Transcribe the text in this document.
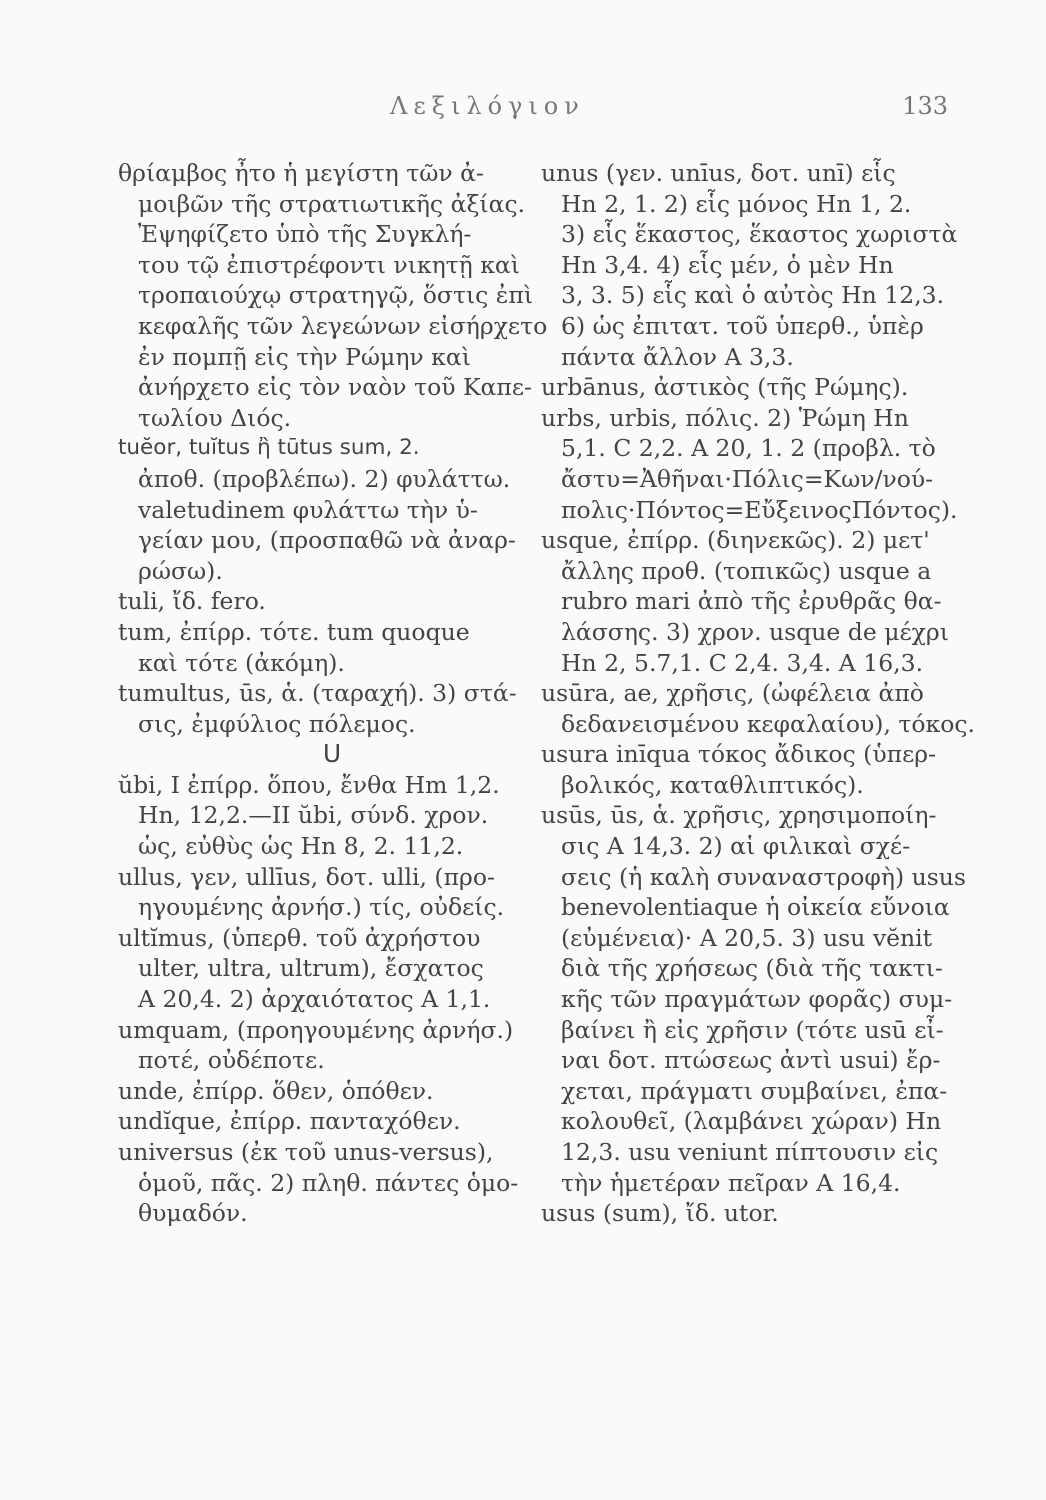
Λεξιλόγιον	133
θρίαμβος ἦτο ἡ μεγίστη τῶν ἀ-
μοιβῶν τῆς στρατιωτικῆς ἀξίας.
Ἐψηφίζετο ὑπὸ τῆς Συγκλή-
του τῷ ἐπιστρέφοντι νικητῇ καὶ
τροπαιούχῳ στρατηγῷ, ὅστις ἐπὶ
κεφαλῆς τῶν λεγεώνων εἰσήρχετο
ἐν πομπῇ εἰς τὴν Ρώμην καὶ
ἀνήρχετο εἰς τὸν ναὸν τοῦ Καπε-
τωλίου Διός.
tuĕor, tuĭtus ἢ tūtus sum, 2.
ἀποθ. (προβλέπω). 2) φυλάττω.
valetudinem φυλάττω τὴν ὑ-
γείαν μου, (προσπαθῶ νὰ ἀναρ-
ρώσω).
tuli, ἴδ. fero.
tum, ἐπίρρ. τότε. tum quoque
καὶ τότε (ἀκόμη).
tumultus, ūs, ἁ. (ταραχή). 3) στά-
σις, ἐμφύλιος πόλεμος.
U
ŭbi, I ἐπίρρ. ὅπου, ἔνθα Hm 1,2.
Hn, 12,2.—II ŭbi, σύνδ. χρον.
ὡς, εὐθὺς ὡς Hn 8, 2. 11,2.
ullus, γεν, ullīus, δοτ. ulli, (προ-
ηγουμένης ἀρνήσ.) τίς, οὐδείς.
ultĭmus, (ὑπερθ. τοῦ ἀχρήστου
ulter, ultra, ultrum), ἔσχατος
A 20,4. 2) ἀρχαιότατος A 1,1.
umquam, (προηγουμένης ἀρνήσ.)
ποτέ, οὐδέποτε.
unde, ἐπίρρ. ὅθεν, ὁπόθεν.
undĭque, ἐπίρρ. πανταχόθεν.
universus (ἐκ τοῦ unus-versus),
ὁμοῦ, πᾶς. 2) πληθ. πάντες ὁμο-
θυμαδόν.
unus (γεν. unīus, δοτ. unī) εἷς
Hn 2, 1. 2) εἷς μόνος Hn 1, 2.
3) εἷς ἕκαστος, ἕκαστος χωριστὰ
Hn 3,4. 4) εἷς μέν, ὁ μὲν Hn
3, 3. 5) εἷς καὶ ὁ αὐτὸς Hn 12,3.
6) ὡς ἐπιτατ. τοῦ ὑπερθ., ὑπὲρ
πάντα ἄλλον A 3,3.
urbānus, ἀστικὸς (τῆς Ρώμης).
urbs, urbis, πόλις. 2) Ῥώμη Hn
5,1. C 2,2. A 20, 1. 2 (προβλ. τὸ
ἄστυ=Ἀθῆναι·Πόλις=Κων/νού-
πολις·Πόντος=ΕὔξεινοςΠόντος).
usque, ἐπίρρ. (διηνεκῶς). 2) μετ'
ἄλλης προθ. (τοπικῶς) usque a
rubro mari ἀπὸ τῆς ἐρυθρᾶς θα-
λάσσης. 3) χρον. usque de μέχρι
Hn 2, 5.7,1. C 2,4. 3,4. A 16,3.
usūra, ae, χρῆσις, (ὠφέλεια ἀπὸ
δεδανεισμένου κεφαλαίου), τόκος.
usura inīqua τόκος ἄδικος (ὑπερ-
βολικός, καταθλιπτικός).
usūs, ūs, ἁ. χρῆσις, χρησιμοποίη-
σις A 14,3. 2) αἱ φιλικαὶ σχέ-
σεις (ἡ καλὴ συναναστροφὴ) usus
benevolentiaque ἡ οἰκεία εὔνοια
(εὐμένεια)· A 20,5. 3) usu vĕnit
διὰ τῆς χρήσεως (διὰ τῆς τακτι-
κῆς τῶν πραγμάτων φορᾶς) συμ-
βαίνει ἢ εἰς χρῆσιν (τότε usū εἶ-
ναι δοτ. πτώσεως ἀντὶ usui) ἔρ-
χεται, πράγματι συμβαίνει, ἐπα-
κολουθεῖ, (λαμβάνει χώραν) Hn
12,3. usu veniunt πίπτουσιν εἰς
τὴν ἡμετέραν πεῖραν A 16,4.
usus (sum), ἴδ. utor.
